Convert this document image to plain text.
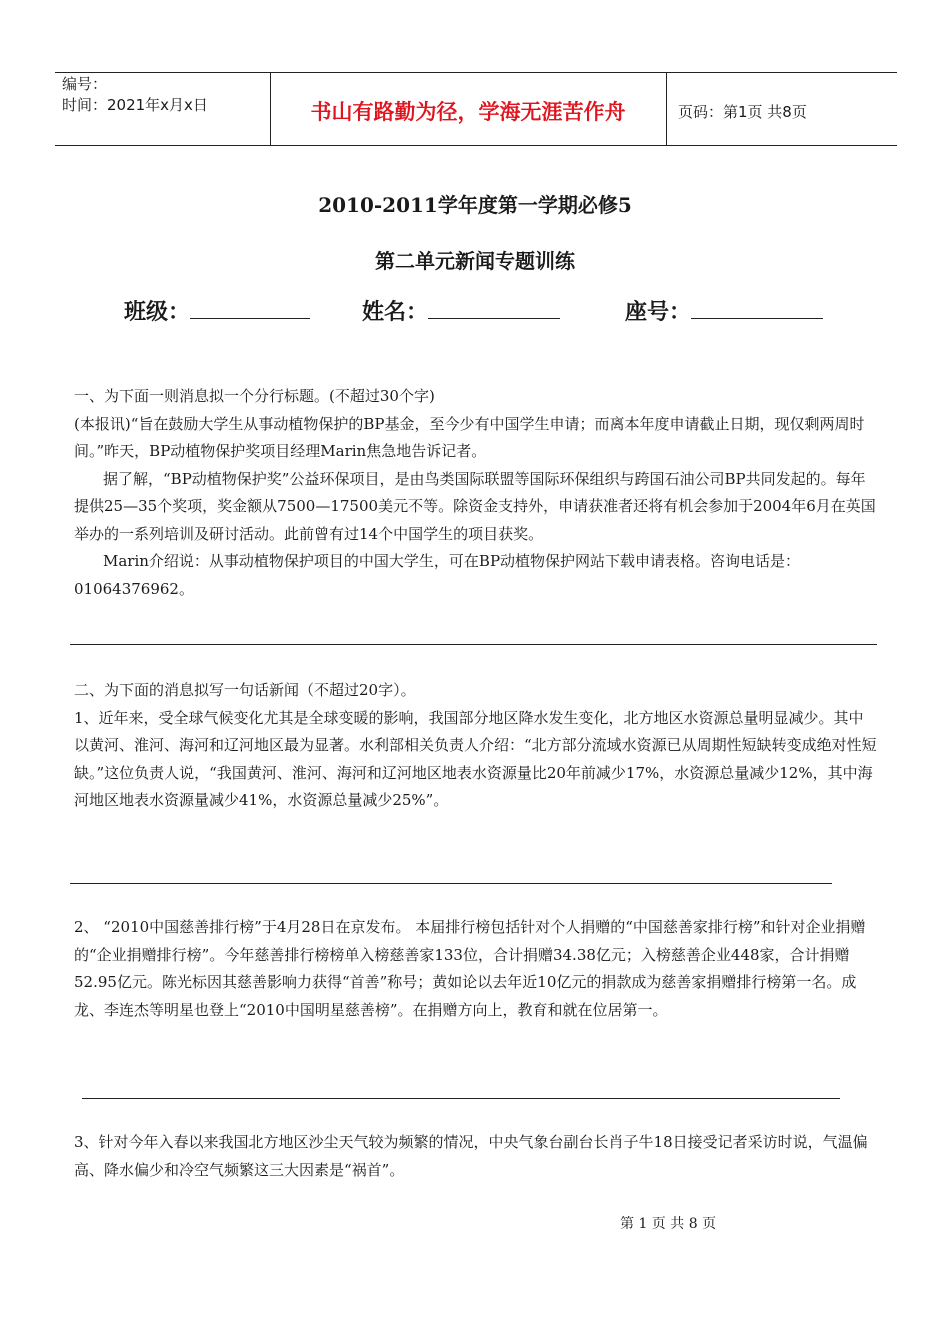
编号：
时间：2021年x月x日	书山有路勤为径，学海无涯苦作舟	页码：第1页 共8页
2010-2011学年度第一学期必修5
第二单元新闻专题训练
班级：	姓名：	座号：

一、为下面一则消息拟一个分行标题。(不超过30个字)

(本报讯)“旨在鼓励大学生从事动植物保护的BP基金，至今少有中国学生申请；而离本年度申请截止日期，现仅剩两周时间。”昨天，BP动植物保护奖项目经理Marin焦急地告诉记者。

据了解，“BP动植物保护奖”公益环保项目，是由鸟类国际联盟等国际环保组织与跨国石油公司BP共同发起的。每年提供25—35个奖项，奖金额从7500—17500美元不等。除资金支持外，申请获准者还将有机会参加于2004年6月在英国举办的一系列培训及研讨活动。此前曾有过14个中国学生的项目获奖。

Marin介绍说：从事动植物保护项目的中国大学生，可在BP动植物保护网站下载申请表格。咨询电话是：01064376962。

二、为下面的消息拟写一句话新闻（不超过20字）。

1、近年来，受全球气候变化尤其是全球变暖的影响，我国部分地区降水发生变化，北方地区水资源总量明显减少。其中以黄河、淮河、海河和辽河地区最为显著。水利部相关负责人介绍：“北方部分流域水资源已从周期性短缺转变成绝对性短缺。”这位负责人说，“我国黄河、淮河、海河和辽河地区地表水资源量比20年前减少17%，水资源总量减少12%，其中海河地区地表水资源量减少41%，水资源总量减少25%”。

2、 “2010中国慈善排行榜”于4月28日在京发布。 本届排行榜包括针对个人捐赠的“中国慈善家排行榜”和针对企业捐赠的“企业捐赠排行榜”。今年慈善排行榜榜单入榜慈善家133位，合计捐赠34.38亿元；入榜慈善企业448家，合计捐赠52.95亿元。陈光标因其慈善影响力获得“首善”称号；黄如论以去年近10亿元的捐款成为慈善家捐赠排行榜第一名。成龙、李连杰等明星也登上“2010中国明星慈善榜”。在捐赠方向上，教育和就在位居第一。

3、针对今年入春以来我国北方地区沙尘天气较为频繁的情况，中央气象台副台长肖子牛18日接受记者采访时说，气温偏高、降水偏少和冷空气频繁这三大因素是“祸首”。

第 1 页 共 8 页
